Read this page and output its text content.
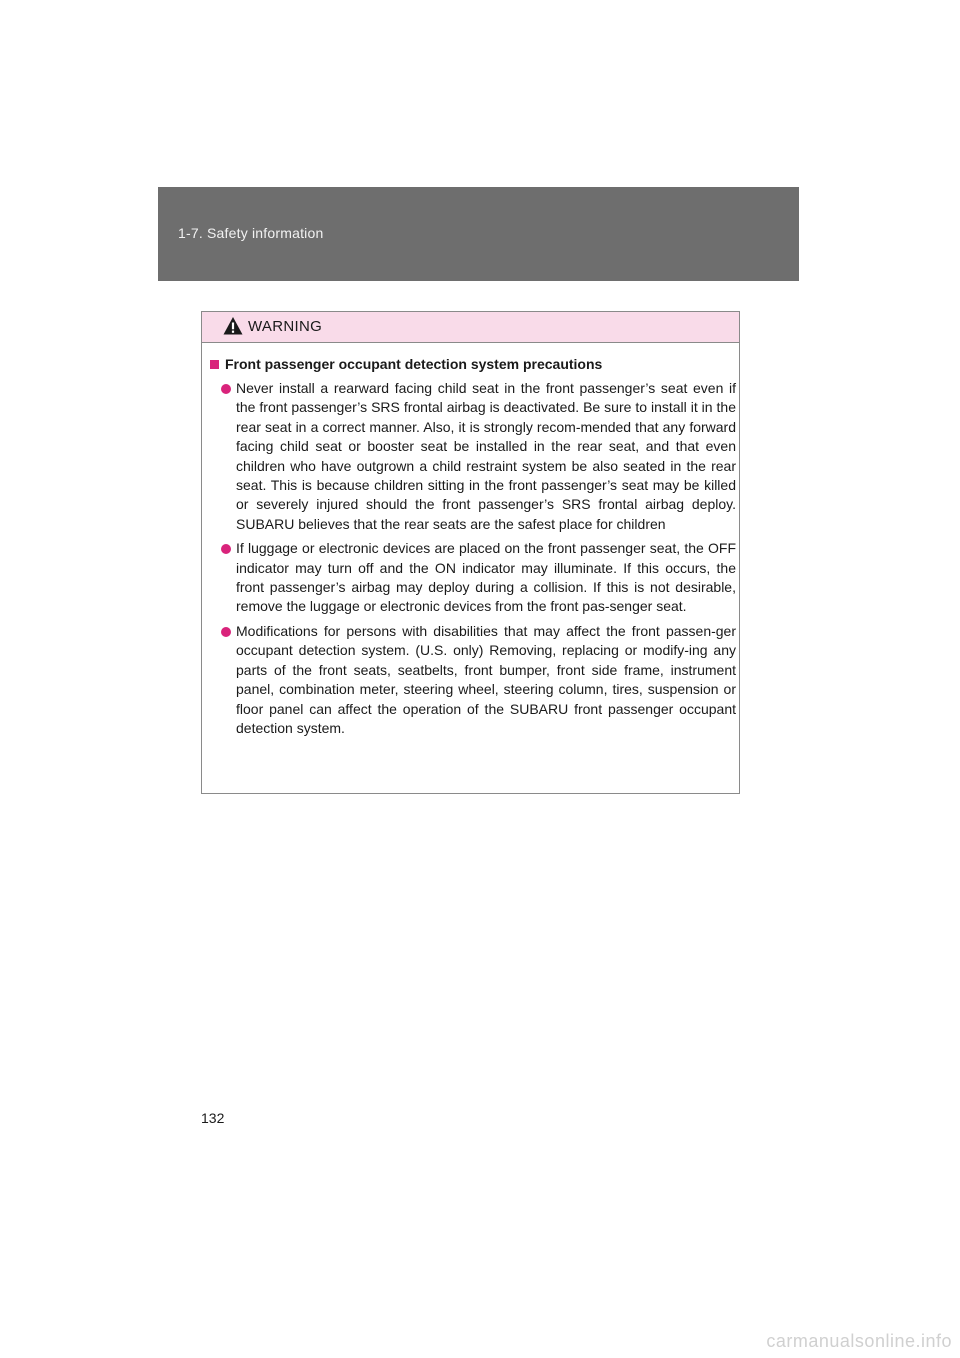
1-7. Safety information
WARNING
Front passenger occupant detection system precautions
Never install a rearward facing child seat in the front passenger’s seat even if the front passenger’s SRS frontal airbag is deactivated. Be sure to install it in the rear seat in a correct manner. Also, it is strongly recom-mended that any forward facing child seat or booster seat be installed in the rear seat, and that even children who have outgrown a child restraint system be also seated in the rear seat. This is because children sitting in the front passenger’s seat may be killed or severely injured should the front passenger’s SRS frontal airbag deploy. SUBARU believes that the rear seats are the safest place for children
If luggage or electronic devices are placed on the front passenger seat, the OFF indicator may turn off and the ON indicator may illuminate. If this occurs, the front passenger’s airbag may deploy during a collision. If this is not desirable, remove the luggage or electronic devices from the front pas-senger seat.
Modifications for persons with disabilities that may affect the front passen-ger occupant detection system. (U.S. only) Removing, replacing or modify-ing any parts of the front seats, seatbelts, front bumper, front side frame, instrument panel, combination meter, steering wheel, steering column, tires, suspension or floor panel can affect the operation of the SUBARU front passenger occupant detection system.
132
carmanualsonline.info
